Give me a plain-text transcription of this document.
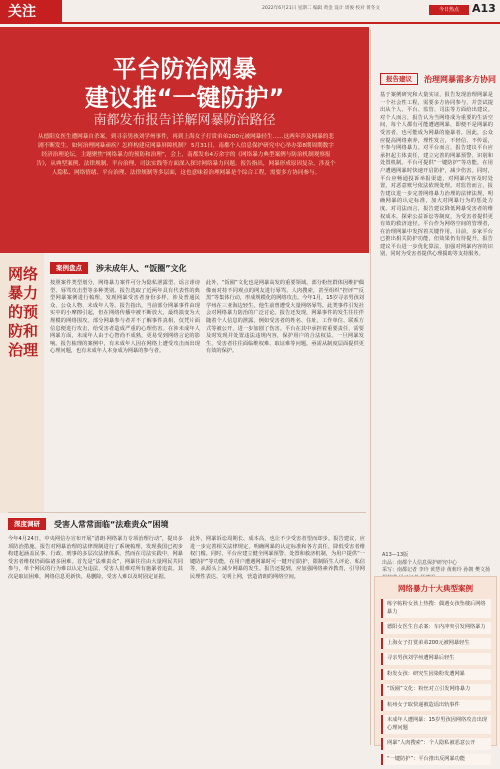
关注	2022年6月21日 星期二 编辑 黄金 设计 周俊 校对 黄冬文	今日热点	A13
平台防治网暴
建议推“一键防护”
南都发布报告详解网暴防治路径
从德阳女医生遭网暴自杀案，到寻亲男孩刘学州事件，再到上海女子打赏弟弟200元被网暴轻生……这两年涉及网暴的悲剧不断发生。如何治理网暴顽疾？怎样构建反网暴屏障机制？ 5月31日，南都个人信息保护研究中心举办第8期周期数字经济治理论坛，主题聚焦“网络暴力的预防和治理”，会上，南都发布4万余字的《网络暴力典型案例与防治机制观察报告》，从典型案例、法律规制、平台治理、司法实践等方面深入探讨网络暴力问题。报告指出，网暴形成原因复杂，涉及个人隐私、网络情绪、平台治理、法律规制等多层面，这也意味着治理网暴是个综合工程，需要多方协同参与。
网络暴力的预防和治理
案例盘点	涉未成年人、“饭圈”文化
按照案件类型划分，网络暴力案件可分为隐私泄露型、谣言诽谤型、辱骂攻击型等多种类别。报告选取了近两年具有代表性的典型网暴案例进行梳理，发现网暴受害者身份多样，涉及普通民众、公众人物、未成年人等。报告指出，当前部分网暴事件由现实中的小摩擦引起，但在网络传播中被不断放大，最终演变为大规模的网络围攻。部分网暴参与者并不了解事件真相，仅凭片面信息便进行攻击，给受害者造成严重的心理伤害。在涉未成年人网暴方面，未成年人由于心智尚不成熟，更易受到网络言论的影响。报告梳理的案例中，有未成年人因在网络上遭受攻击而出现心理问题，也有未成年人本身成为网暴的参与者。
此外，“饭圈”文化也是网暴高发的重要领域。部分粉丝群体因维护偶像而对持不同观点的网友进行辱骂、人肉搜索，甚至组织“控评”“反黑”等集体行动，形成规模化的网络攻击。今年1月，15岁寻亲男孩刘学州在三亚海边轻生，他生前曾遭受大量网络辱骂。此类事件引发社会对网络暴力防治的广泛讨论。报告还发现，网暴事件的发生往往伴随着个人信息的泄露，例如受害者的姓名、住址、工作单位、联系方式等被公开，进一步加剧了伤害。平台在其中承担着重要责任，需要及时发现并处置违法违规内容，保护用户的合法权益。一旦网暴发生，受害者往往面临维权难、取证难等问题，亟需从制度层面提供更有效的保护。
深度调研	受害人常常面临“法难责众”困境
今年4月24日，中央网信办宣布开展“清朗·网络暴力专项治理行动”，提出多项防治措施。报告对网暴治理的法律规制进行了系统梳理，发现我国已初步构建起涵盖民事、行政、刑事的多层次法律体系。然而在司法实践中，网暴受害者维权仍面临诸多困难。首先是“法难责众”，网暴往往由大量网民共同参与，单个网民的行为难以认定为违法，受害人很难对所有施暴者追责。其次是取证困难，网络信息更新快、易删除，受害人难以及时固定证据。
此外，网暴诉讼周期长、成本高，也让不少受害者望而却步。报告建议，应进一步完善相关法律规定，明确网暴的认定标准和各方责任，降低受害者维权门槛。同时，平台应建立健全网暴预警、处置和救济机制，为用户提供“一键防护”等功能，在用户遭遇网暴时可一键开启防护，限制陌生人评论、私信等，从源头上减少网暴的发生。报告还提到，应加强网络素养教育，引导网民理性表达、文明上网，营造清朗的网络空间。
报告建议	治理网暴需多方协同
基于案例研究和大量实证，报告发现治理网暴是一个社会性工程，需要多方协同参与，并尝试提出从个人、平台、监管、司法等方面给出建议。对个人而言，报告认为当网络成为重要的生活空间，每个人都有可能遭遇网暴，即便不是网暴的受害者，也可能成为网暴的施暴者。因此，公众应提高网络素养，理性发言，不轻信、不传谣，不参与网络暴力。对平台而言，报告建议平台应承担起主体责任，建立完善的网暴预警、识别和处置机制。平台可提供“一键防护”等功能，在用户遭遇网暴时快速开启防护，减少伤害。同时，平台应畅通投诉举报渠道，对网暴内容及时处置，对恶意账号依法依规处理。对监管而言，报告建议进一步完善网络暴力治理的法律法规，明确网暴的认定标准，加大对网暴行为的惩处力度。对司法而言，报告建议降低网暴受害者的维权成本，探索公益诉讼等制度，为受害者提供更有效的救济途径。平台作为网络空间的管理者，在治理网暴中发挥着关键作用。目前，多家平台已推出相关防护功能，但效果仍有待提升。报告建议平台进一步优化算法，加强对网暴内容的识别，同时为受害者提供心理援助等支持服务。
A13—13版
出品：南都个人信息保护研究中心
采写：南都记者 李玲 黄慧诗 黄莉玲 孙朝 樊文扬
网络暴力十大典型案例
练字帖粉女孩上热搜：偶遇女孩坠楼后网络暴力
德阳女医生自杀案：车内冲突引发网络暴力
上海女子打赏弟弟200元被网暴轻生
寻亲男孩刘学州遭网暴后轻生
粉发女孩：研究生因染粉发遭网暴
“饭圈”文化：粉丝对立引发网络暴力
杭州女子取快递被造谣出轨事件
未成年人遭网暴：15岁男孩因网络攻击出现心理问题
网暴“人肉搜索”：个人隐私被恶意公开
“一键防护”：平台推出反网暴功能
